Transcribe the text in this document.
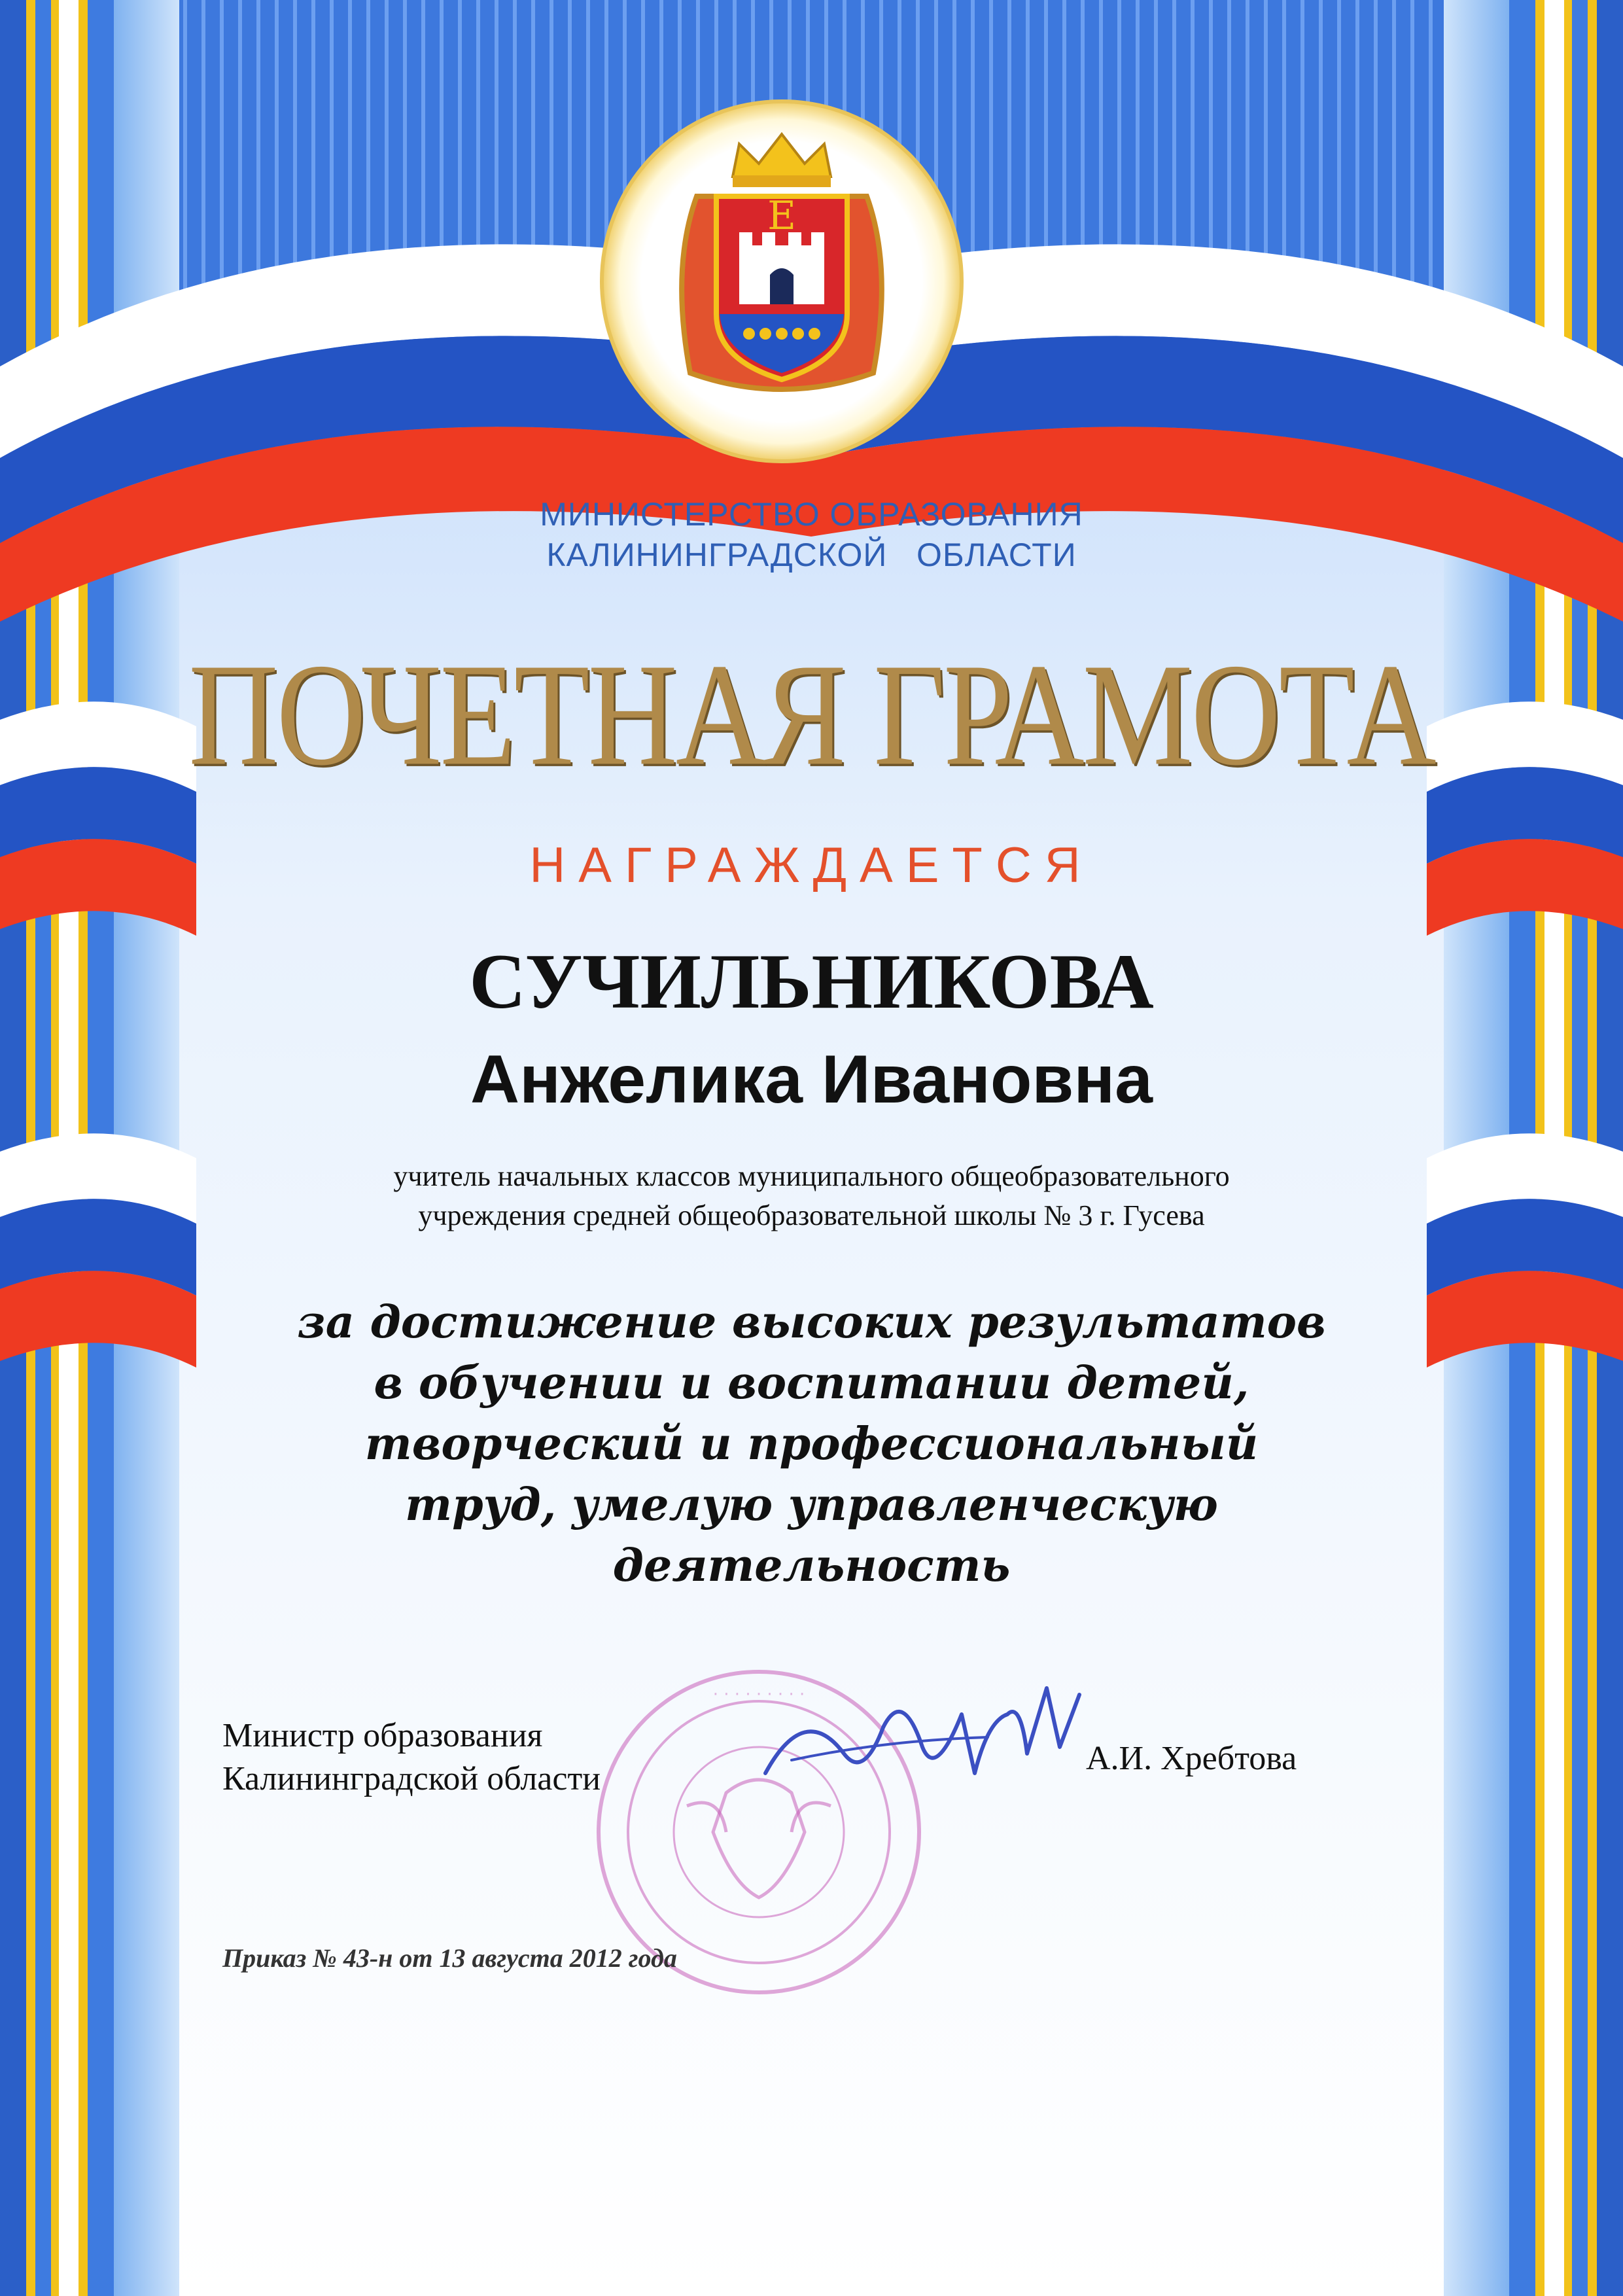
Ε

МИНИСТЕРСТВО ОБРАЗОВАНИЯ
КАЛИНИНГРАДСКОЙ   ОБЛАСТИ

ПОЧЕТНАЯ ГРАМОТА

НАГРАЖДАЕТСЯ

СУЧИЛЬНИКОВА

Анжелика Ивановна

учитель начальных классов муниципального общеобразовательного
учреждения средней общеобразовательной школы № 3 г. Гусева

за достижение высоких результатов
в обучении и воспитании детей,
творческий и профессиональный
труд, умелую управленческую
деятельность

· · · · · · · · ·

Министр образования
Калининградской области

А.И. Хребтова

Приказ № 43-н от 13 августа 2012 года
